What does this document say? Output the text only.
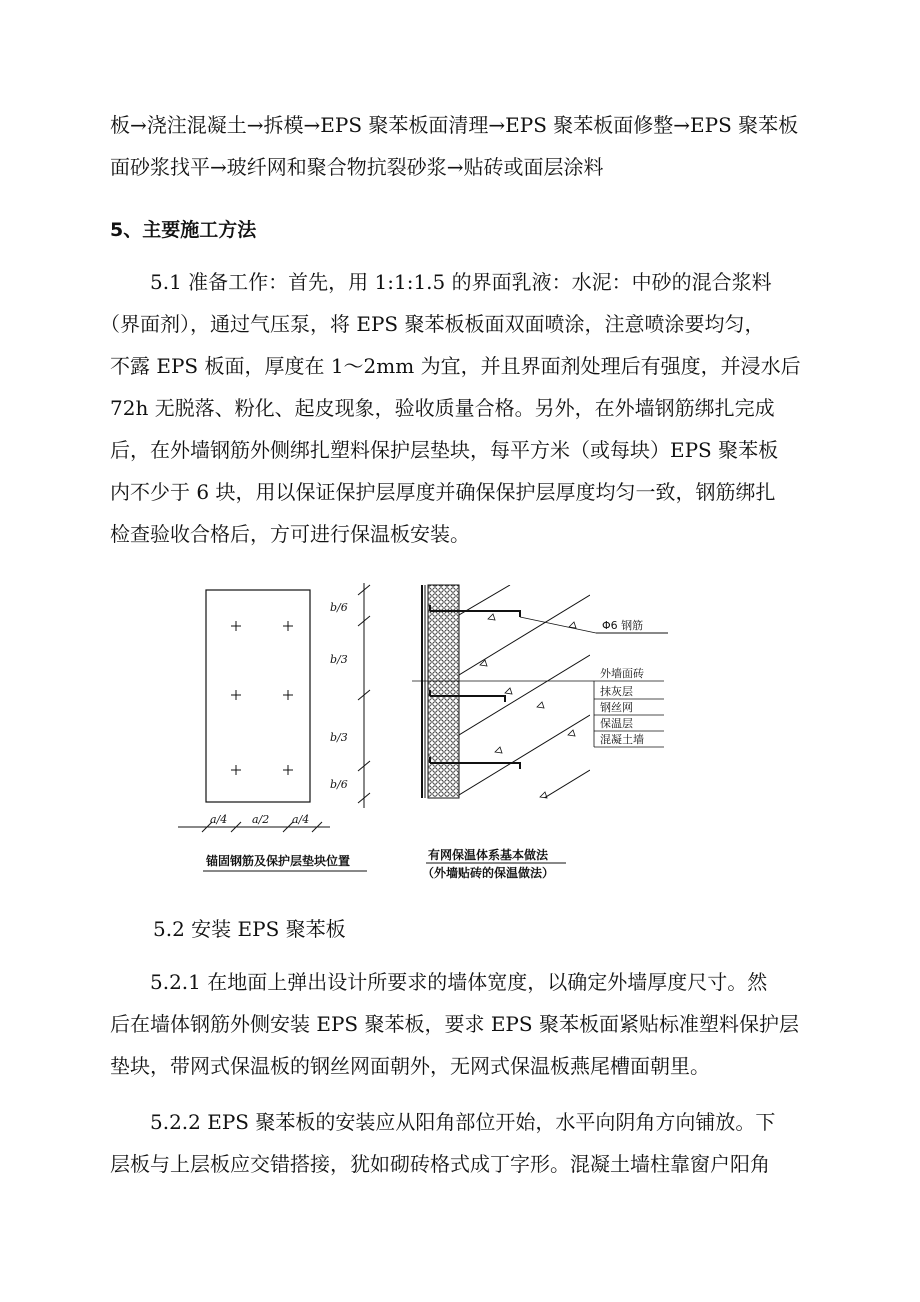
板→浇注混凝土→拆模→EPS 聚苯板面清理→EPS 聚苯板面修整→EPS 聚苯板
面砂浆找平→玻纤网和聚合物抗裂砂浆→贴砖或面层涂料
5、主要施工方法
5.1 准备工作：首先，用 1:1:1.5 的界面乳液：水泥：中砂的混合浆料
（界面剂），通过气压泵，将 EPS 聚苯板板面双面喷涂，注意喷涂要均匀，
不露 EPS 板面，厚度在 1～2mm 为宜，并且界面剂处理后有强度，并浸水后
72h 无脱落、粉化、起皮现象，验收质量合格。另外，在外墙钢筋绑扎完成
后，在外墙钢筋外侧绑扎塑料保护层垫块，每平方米（或每块）EPS 聚苯板
内不少于 6 块，用以保证保护层厚度并确保保护层厚度均匀一致，钢筋绑扎
检查验收合格后，方可进行保温板安装。
b/6
b/3
b/3
b/6
a/4 a/2 a/4
锚固钢筋及保护层垫块位置
Φ6 钢筋
外墙面砖
抹灰层
钢丝网
保温层
混凝土墙
有网保温体系基本做法
（外墙贴砖的保温做法）
5.2 安装 EPS 聚苯板
5.2.1 在地面上弹出设计所要求的墙体宽度，以确定外墙厚度尺寸。然
后在墙体钢筋外侧安装 EPS 聚苯板，要求 EPS 聚苯板面紧贴标准塑料保护层
垫块，带网式保温板的钢丝网面朝外，无网式保温板燕尾槽面朝里。
5.2.2 EPS 聚苯板的安装应从阳角部位开始，水平向阴角方向铺放。下
层板与上层板应交错搭接，犹如砌砖格式成丁字形。混凝土墙柱靠窗户阳角
